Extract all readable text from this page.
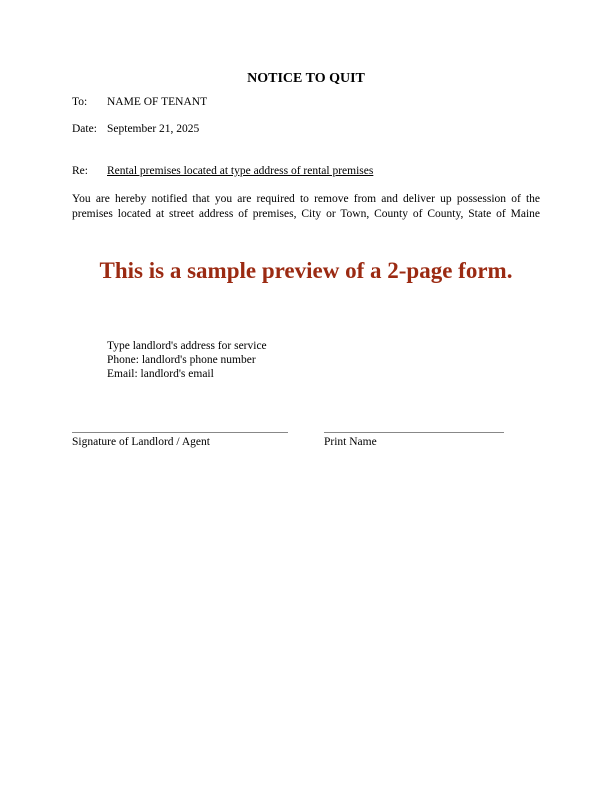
NOTICE TO QUIT
To: NAME OF TENANT
Date: September 21, 2025
Re: Rental premises located at type address of rental premises
You are hereby notified that you are required to remove from and deliver up possession of the
premises located at street address of premises, City or Town, County of County, State of Maine
This is a sample preview of a 2-page form.
Type landlord's address for service
Phone: landlord's phone number
Email: landlord's email
Signature of Landlord / Agent	Print Name
